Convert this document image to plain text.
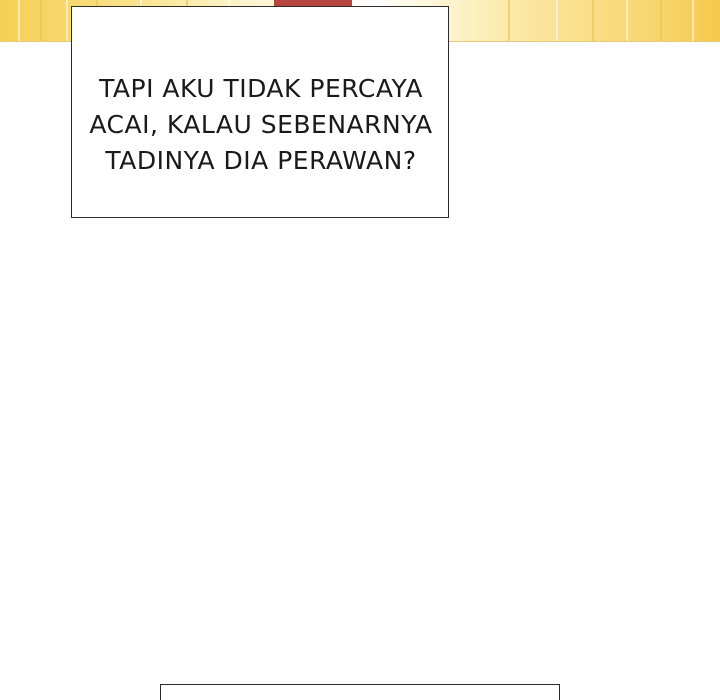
TAPI AKU TIDAK PERCAYA
ACAI, KALAU SEBENARNYA
TADINYA DIA PERAWAN?
